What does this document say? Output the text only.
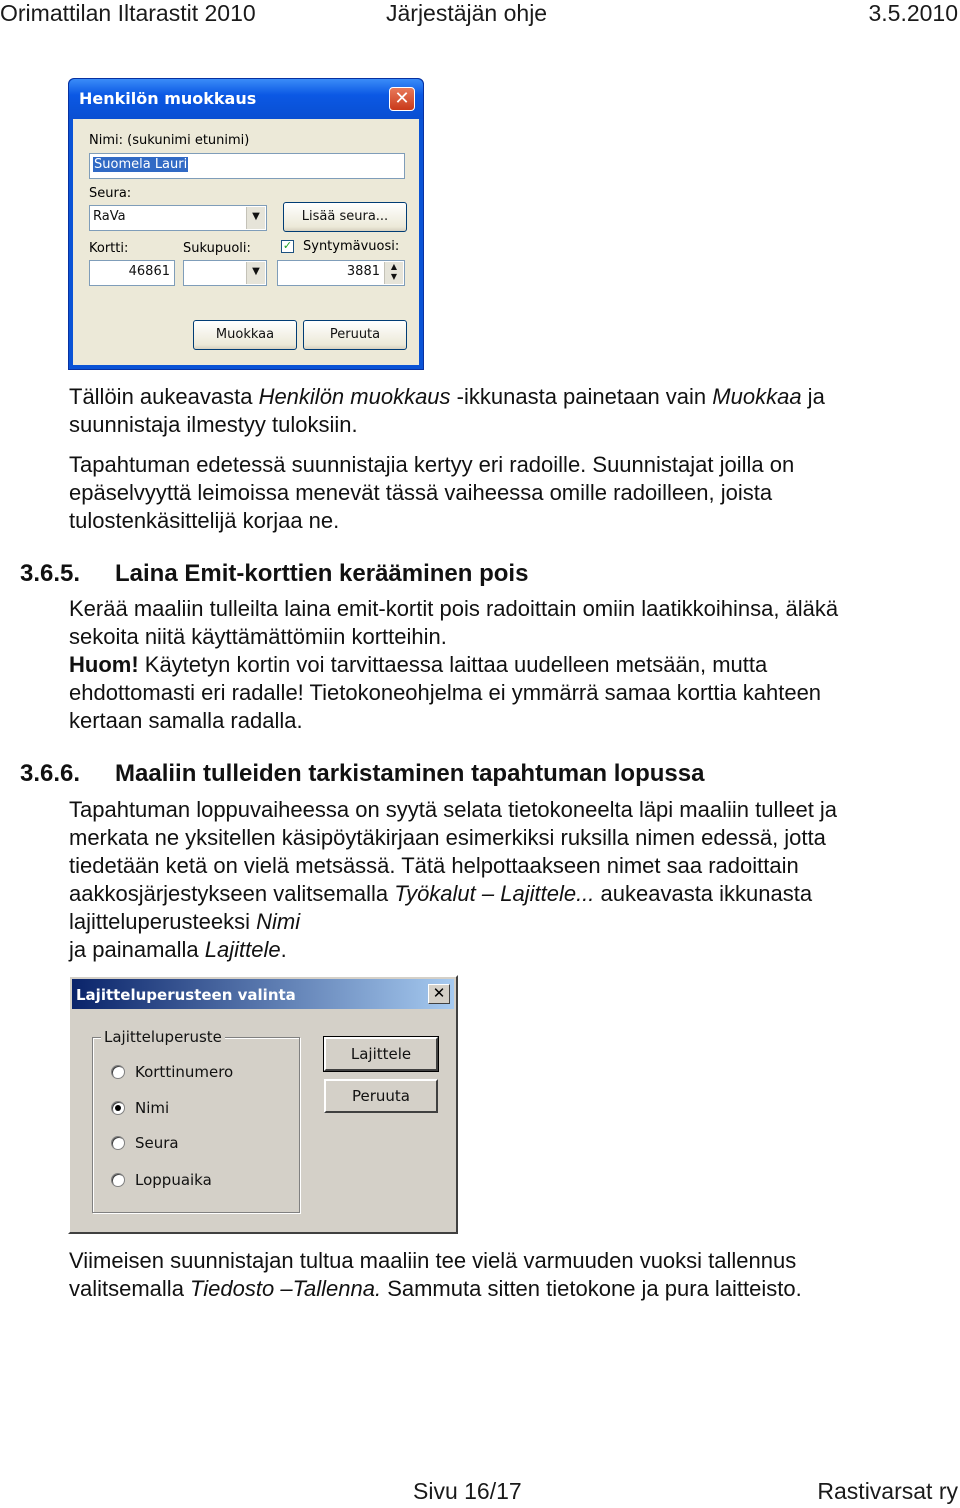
Orimattilan Iltarastit 2010	Järjestäjän ohje	3.5.2010
Henkilön muokkaus	✕
Nimi: (sukunimi etunimi)
Suomela Lauri
Seura:
RaVa	▼	Lisää seura...
Kortti:	Sukupuoli:	✓ Syntymävuosi:
46861	▼	3881	▲
▼
Muokkaa	Peruuta

Tällöin aukeavasta Henkilön muokkaus -ikkunasta painetaan vain Muokkaa ja
suunnistaja ilmestyy tuloksiin.

Tapahtuman edetessä suunnistajia kertyy eri radoille. Suunnistajat joilla on
epäselvyyttä leimoissa menevät tässä vaiheessa omille radoilleen, joista
tulostenkäsittelijä korjaa ne.

3.6.5. Laina Emit-korttien kerääminen pois

Kerää maaliin tulleilta laina emit-kortit pois radoittain omiin laatikkoihinsa, äläkä
sekoita niitä käyttämättömiin kortteihin.
Huom! Käytetyn kortin voi tarvittaessa laittaa uudelleen metsään, mutta
ehdottomasti eri radalle! Tietokoneohjelma ei ymmärrä samaa korttia kahteen
kertaan samalla radalla.

3.6.6. Maaliin tulleiden tarkistaminen tapahtuman lopussa

Tapahtuman loppuvaiheessa on syytä selata tietokoneelta läpi maaliin tulleet ja
merkata ne yksitellen käsipöytäkirjaan esimerkiksi ruksilla nimen edessä, jotta
tiedetään ketä on vielä metsässä. Tätä helpottaakseen nimet saa radoittain
aakkosjärjestykseen valitsemalla Työkalut – Lajittele... aukeavasta ikkunasta
lajitteluperusteeksi Nimi
ja painamalla Lajittele.

Lajitteluperusteen valinta	✕
Lajitteluperuste
Korttinumero
Nimi
Seura
Loppuaika
Lajittele
Peruuta

Viimeisen suunnistajan tultua maaliin tee vielä varmuuden vuoksi tallennus
valitsemalla Tiedosto –Tallenna. Sammuta sitten tietokone ja pura laitteisto.

Sivu 16/17	Rastivarsat ry
